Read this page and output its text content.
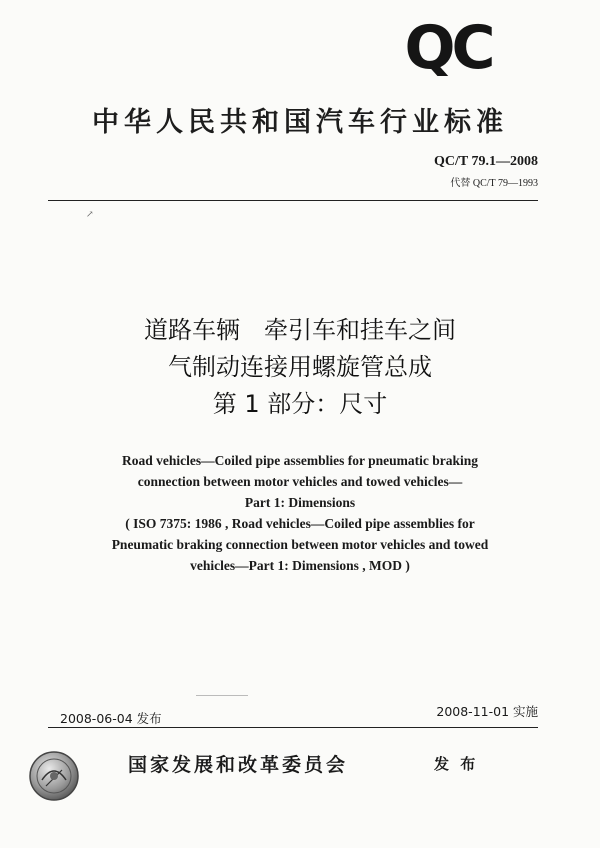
QC
中华人民共和国汽车行业标准
QC/T 79.1—2008
代替 QC/T 79—1993
↗
道路车辆　牵引车和挂车之间
气制动连接用螺旋管总成
第 1 部分：尺寸
Road vehicles—Coiled pipe assemblies for pneumatic braking
connection between motor vehicles and towed vehicles—
Part 1: Dimensions
( ISO 7375: 1986 , Road vehicles—Coiled pipe assemblies for
Pneumatic braking connection between motor vehicles and towed
vehicles—Part 1: Dimensions , MOD )
2008-06-04 发布	2008-11-01 实施
国家发展和改革委员会	发 布
